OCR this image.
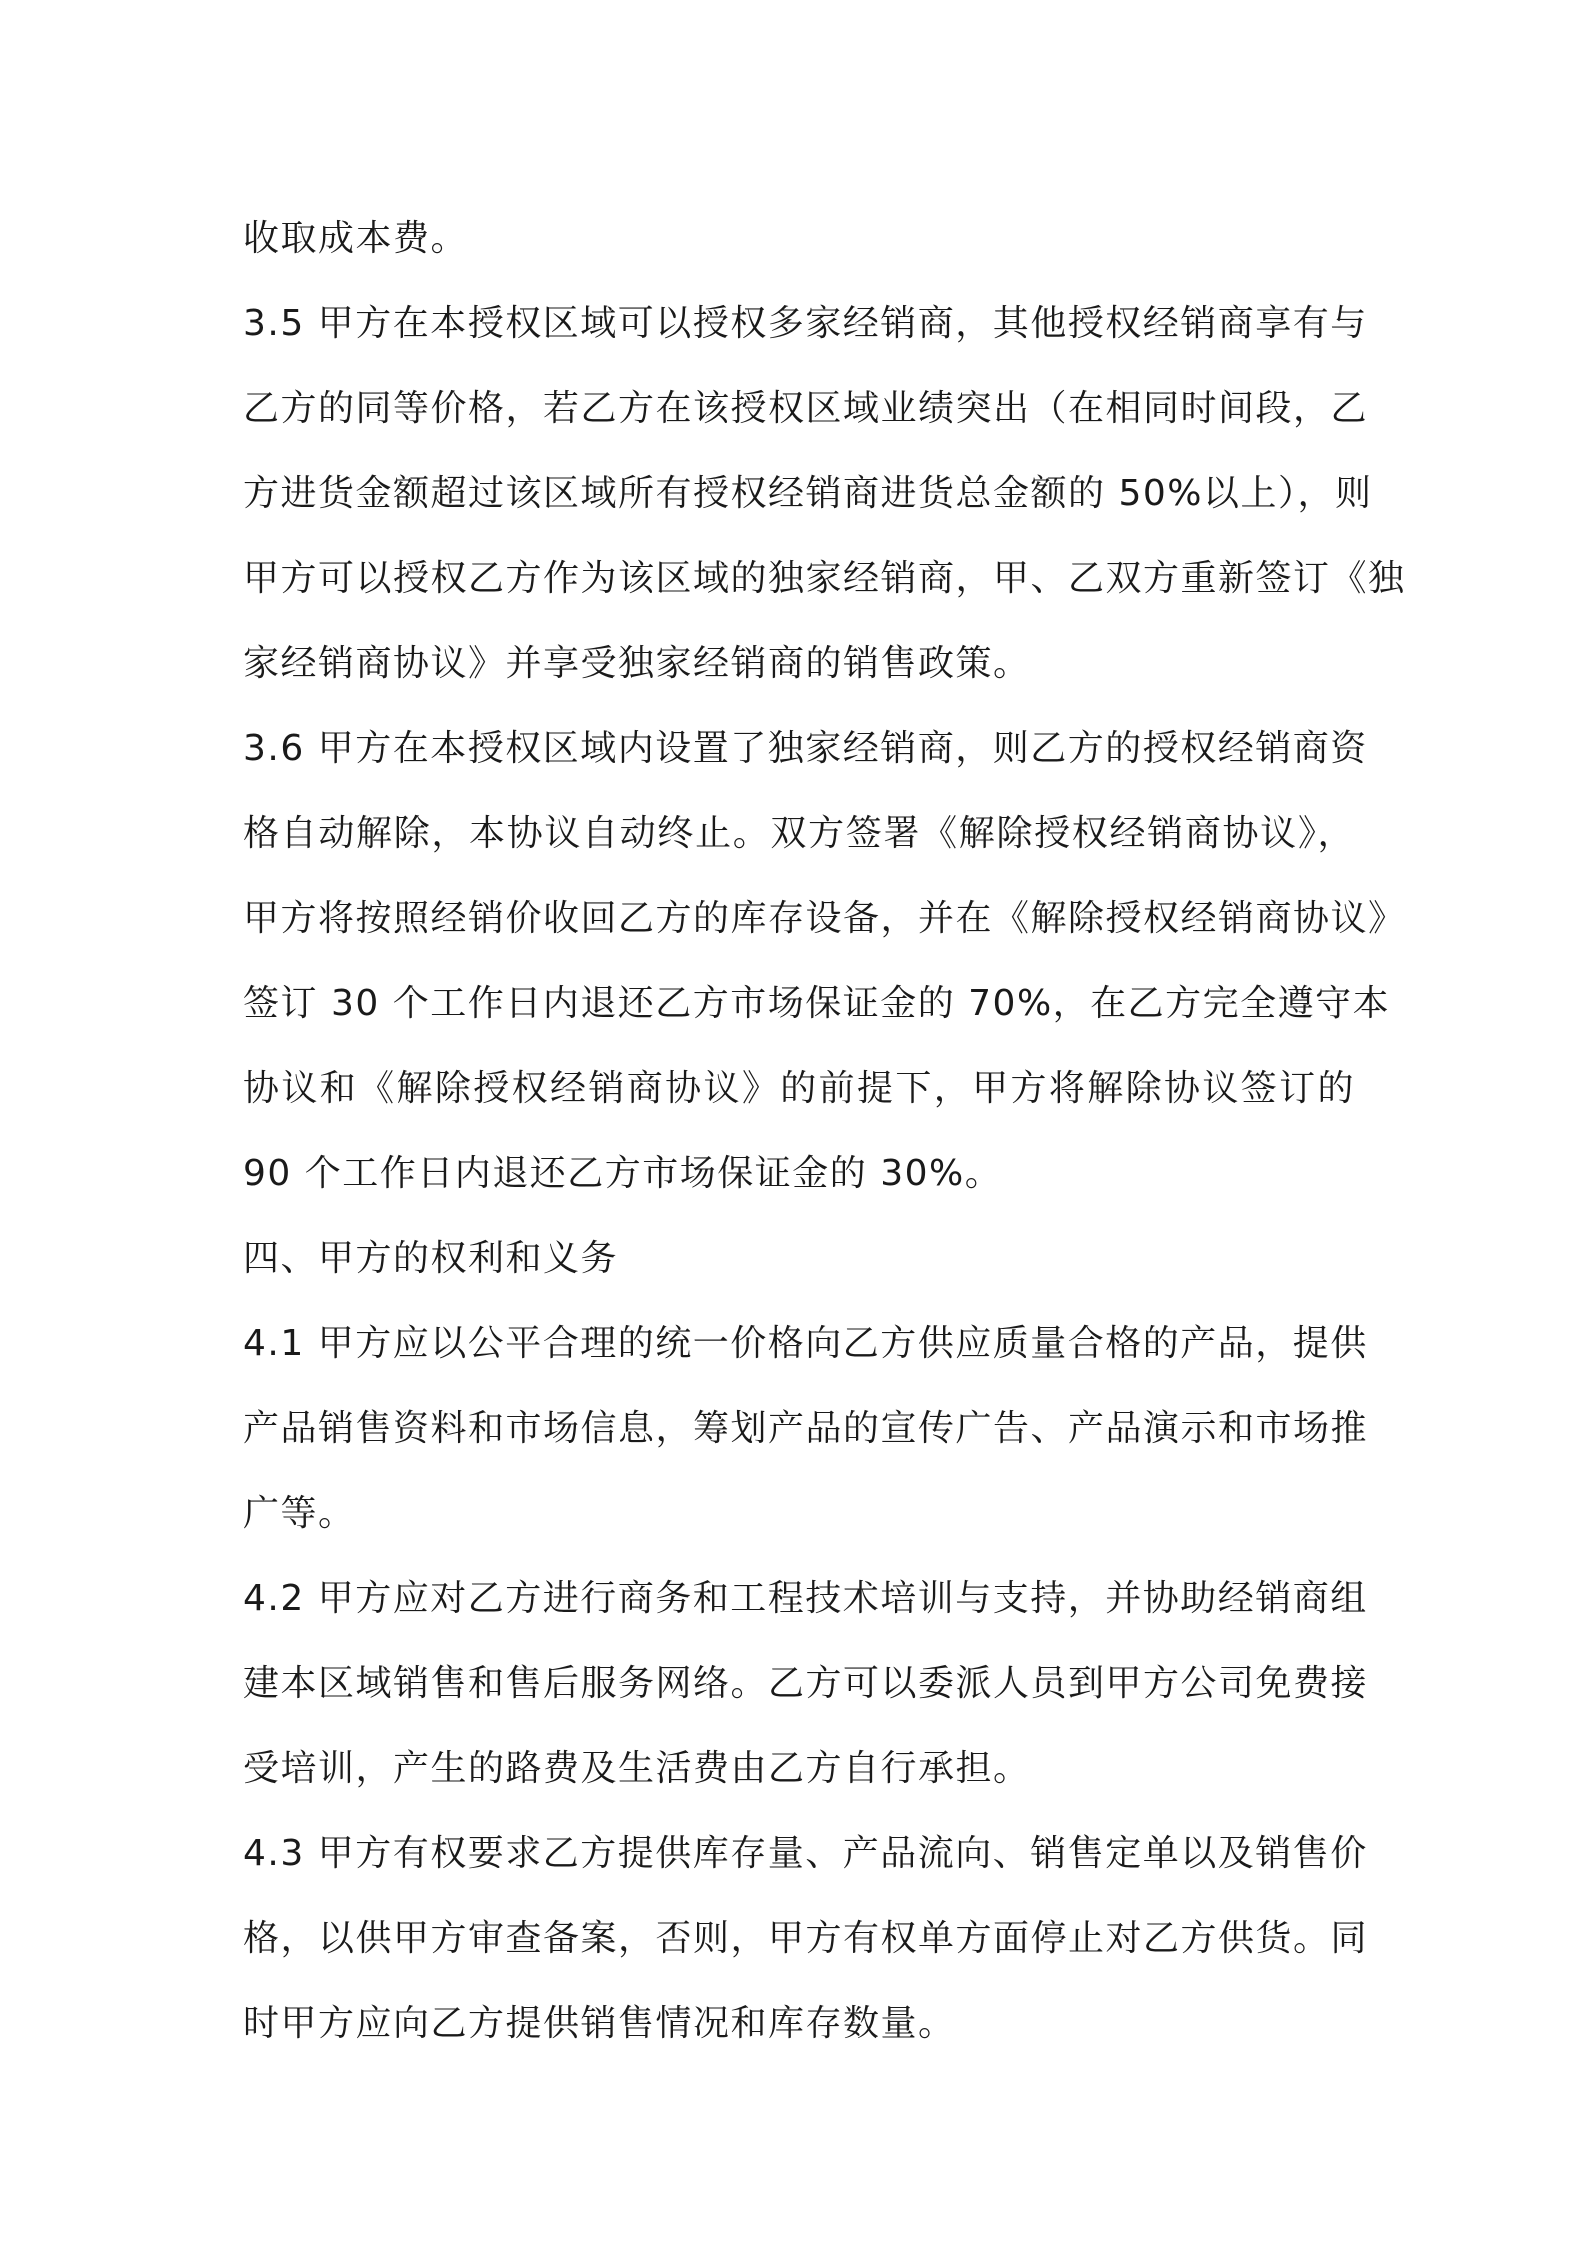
收取成本费。
3.5 甲方在本授权区域可以授权多家经销商，其他授权经销商享有与
乙方的同等价格，若乙方在该授权区域业绩突出（在相同时间段，乙
方进货金额超过该区域所有授权经销商进货总金额的 50%以上），则
甲方可以授权乙方作为该区域的独家经销商，甲、乙双方重新签订《独
家经销商协议》并享受独家经销商的销售政策。
3.6 甲方在本授权区域内设置了独家经销商，则乙方的授权经销商资
格自动解除，本协议自动终止。双方签署《解除授权经销商协议》，
甲方将按照经销价收回乙方的库存设备，并在《解除授权经销商协议》
签订 30 个工作日内退还乙方市场保证金的 70%，在乙方完全遵守本
协议和《解除授权经销商协议》的前提下，甲方将解除协议签订的
90 个工作日内退还乙方市场保证金的 30%。
四、甲方的权利和义务
4.1 甲方应以公平合理的统一价格向乙方供应质量合格的产品，提供
产品销售资料和市场信息，筹划产品的宣传广告、产品演示和市场推
广等。
4.2 甲方应对乙方进行商务和工程技术培训与支持，并协助经销商组
建本区域销售和售后服务网络。乙方可以委派人员到甲方公司免费接
受培训，产生的路费及生活费由乙方自行承担。
4.3 甲方有权要求乙方提供库存量、产品流向、销售定单以及销售价
格，以供甲方审查备案，否则，甲方有权单方面停止对乙方供货。同
时甲方应向乙方提供销售情况和库存数量。
